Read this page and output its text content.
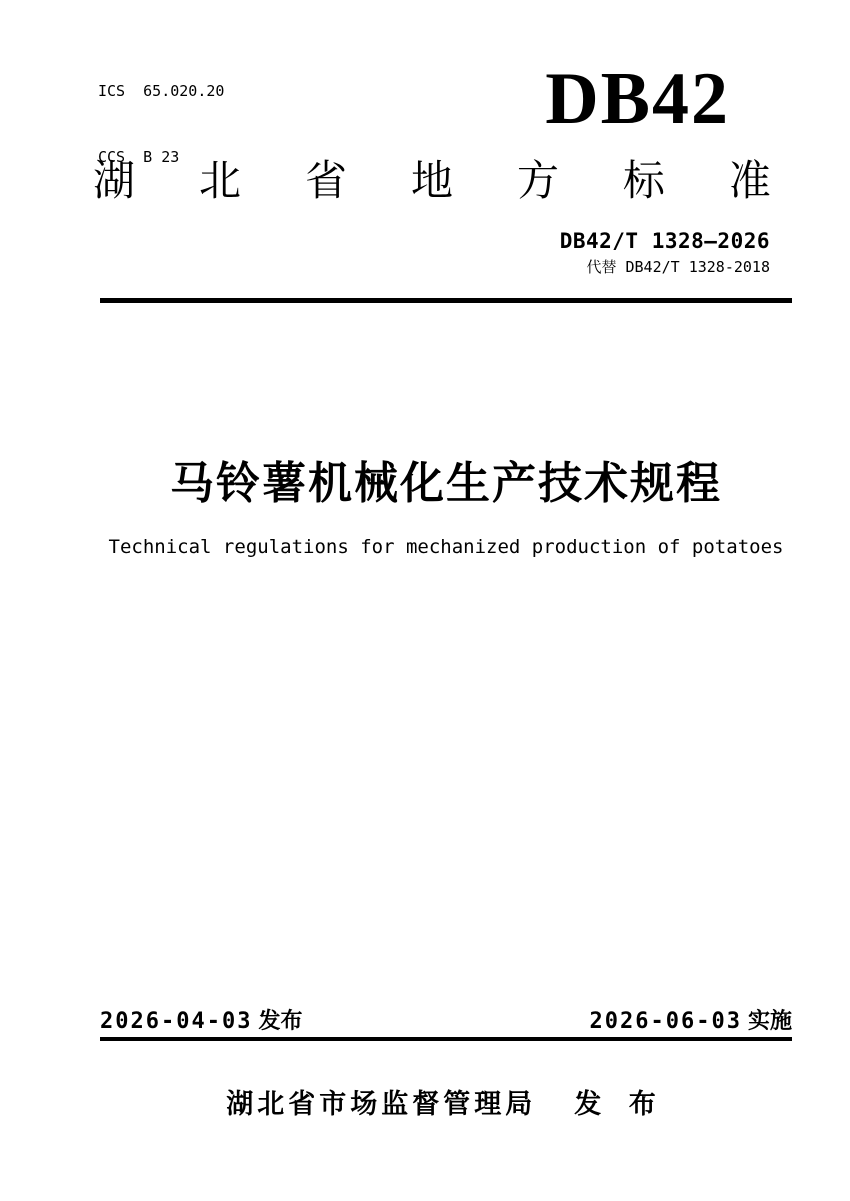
ICS  65.020.20

CCS  B 23

DB42
湖 北 省 地 方 标 准
DB42/T 1328—2026
代替 DB42/T 1328-2018
马铃薯机械化生产技术规程
Technical regulations for mechanized production of potatoes
2026-04-03 发布	2026-06-03 实施
湖北省市场监督管理局 发 布
